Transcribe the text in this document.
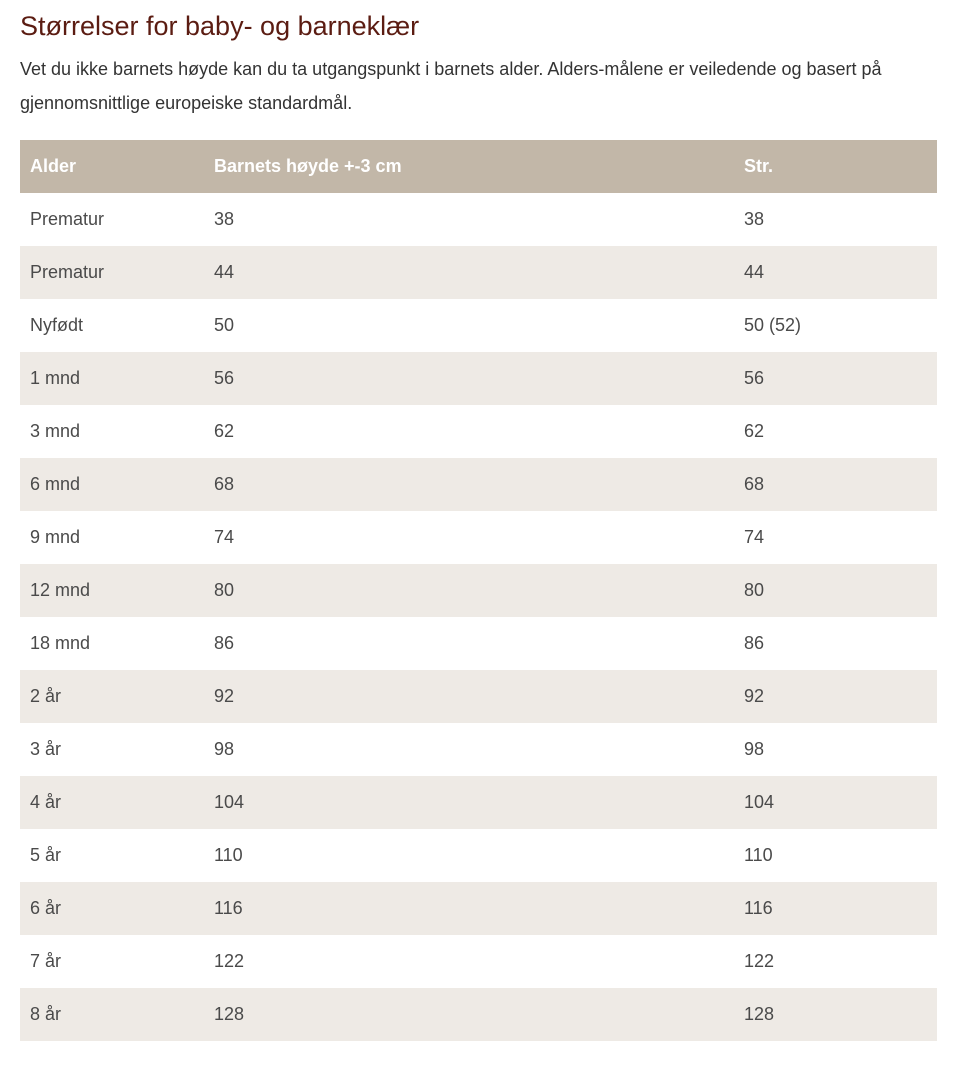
Størrelser for baby- og barneklær

Vet du ikke barnets høyde kan du ta utgangspunkt i barnets alder. Alders-målene er veiledende og basert på gjennomsnittlige europeiske standardmål.

Alder	Barnets høyde +-3 cm	Str.
Prematur	38	38
Prematur	44	44
Nyfødt	50	50 (52)
1 mnd	56	56
3 mnd	62	62
6 mnd	68	68
9 mnd	74	74
12 mnd	80	80
18 mnd	86	86
2 år	92	92
3 år	98	98
4 år	104	104
5 år	110	110
6 år	116	116
7 år	122	122
8 år	128	128
